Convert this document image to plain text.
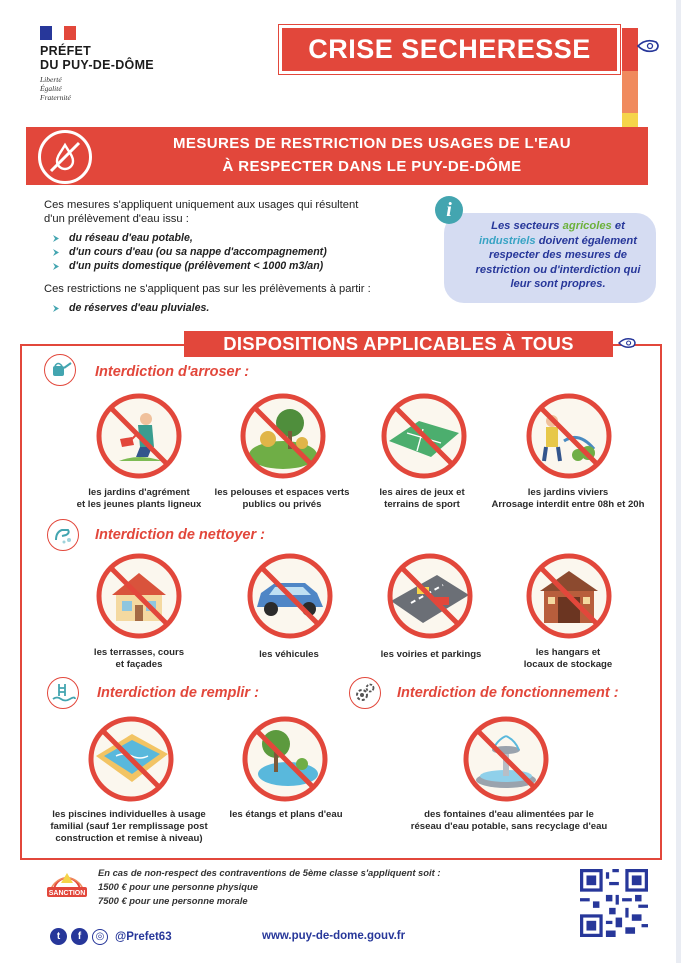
PRÉFET
DU PUY-DE-DÔME
Liberté
Égalité
Fraternité
CRISE SECHERESSE
MESURES DE RESTRICTION DES USAGES DE L'EAU
À RESPECTER DANS LE PUY-DE-DÔME
Ces mesures s'appliquent uniquement aux usages qui résultent
d'un prélèvement d'eau issu :
du réseau d'eau potable,
d'un cours d'eau (ou sa nappe d'accompagnement)
d'un puits domestique (prélèvement < 1000 m3/an)
Ces restrictions ne s'appliquent pas sur les prélèvements à partir :
de réserves d'eau pluviales.

Les secteurs agricoles et industriels doivent également respecter des mesures de restriction ou d'interdiction qui leur sont propres.

i
DISPOSITIONS APPLICABLES À TOUS
Interdiction d'arroser :
Interdiction de nettoyer :
Interdiction de remplir :	Interdiction de fonctionnement :
les jardins d'agrément
et les jeunes plants ligneux
les pelouses et espaces verts
publics ou privés
les aires de jeux et
terrains de sport
les jardins viviers
Arrosage interdit entre 08h et 20h
les terrasses, cours
et façades
les véhicules	les voiries et parkings	les hangars et
locaux de stockage
les piscines individuelles à usage
familial (sauf 1er remplissage post
construction et remise à niveau)
les étangs et plans d'eau	des fontaines d'eau alimentées par le
réseau d'eau potable, sans recyclage d'eau
SANCTION
En cas de non-respect des contraventions de 5ème classe s'appliquent soit :
1500 € pour une personne physique
7500 € pour une personne morale
t	f	◎ @Prefet63	www.puy-de-dome.gouv.fr
